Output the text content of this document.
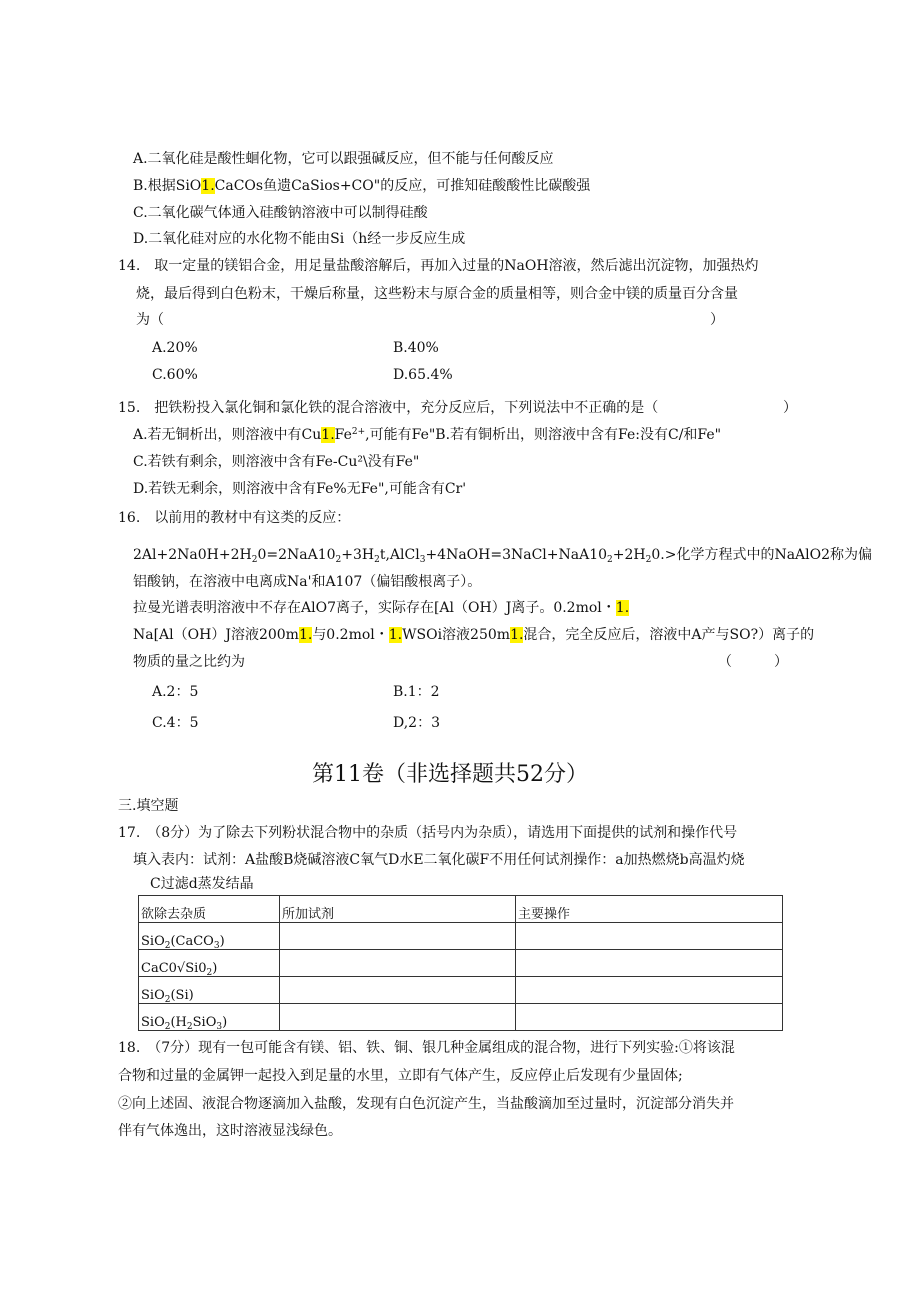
A.二氧化硅是酸性蛔化物，它可以跟强碱反应，但不能与任何酸反应
B.根据SiO1.CaCOs鱼遗CaSios+CO"的反应，可推知硅酸酸性比碳酸强
C.二氧化碳气体通入硅酸钠溶液中可以制得硅酸
D.二氧化硅对应的水化物不能由Si（h经一步反应生成
14.　取一定量的镁铝合金，用足量盐酸溶解后，再加入过量的NaOH溶液，然后滤出沉淀物，加强热灼
烧，最后得到白色粉末，干燥后称量，这些粉末与原合金的质量相等，则合金中镁的质量百分含量
为（	）
A.20%	B.40%
C.60%	D.65.4%
15.　把铁粉投入氯化铜和氯化铁的混合溶液中，充分反应后，下列说法中不正确的是（	）
A.若无铜析出，则溶液中有$Cu1.Fe^{2+}$,可能有Fe"B.若有铜析出，则溶液中含有Fe:没有C/和Fe"
C.若铁有剩余，则溶液中含有Fe-Cu²\没有Fe"
D.若铁无剩余，则溶液中含有Fe%无Fe",可能含有Cr'
16.　以前用的教材中有这类的反应：
$2Al+2Na0H+2H_20=2NaA10_2+3H_2t,AlCl_3+4NaOH=3NaCl+NaA10_2+2H_20.>$化学方程式中的NaAlO2称为偏
铝酸钠，在溶液中电离成Na'和A107（偏铝酸根离子）。
拉曼光谱表明溶液中不存在AlO7离子，实际存在[Al（OH）J离子。0.2mol・1.
Na[Al（OH）J溶液200m1.与0.2mol・1.WSOi溶液250m1.混合，完全反应后，溶液中A产与SO?）离子的
物质的量之比约为	（　　　）
A.2：5	B.1：2
C.4：5	D,2：3
第11卷（非选择题共52分）
三.填空题
17.　（8分）为了除去下列粉状混合物中的杂质（括号内为杂质），请选用下面提供的试剂和操作代号
填入表内：试剂：A盐酸B烧碱溶液C氧气D水E二氧化碳F不用任何试剂操作：a加热燃烧b高温灼烧
C过滤d蒸发结晶
欲除去杂质	所加试剂	主要操作
SiO$_2$(CaCO$_3$)		
$CaC0√Si0_2$)		
SiO$_2$(Si)		
$SiO_2(H_2SiO_3)$		
18.　（7分）现有一包可能含有镁、铝、铁、铜、银几种金属组成的混合物，进行下列实验:①将该混
合物和过量的金属钾一起投入到足量的水里，立即有气体产生，反应停止后发现有少量固体;
②向上述固、液混合物逐滴加入盐酸，发现有白色沉淀产生，当盐酸滴加至过量时，沉淀部分消失并
伴有气体逸出，这时溶液显浅绿色。
